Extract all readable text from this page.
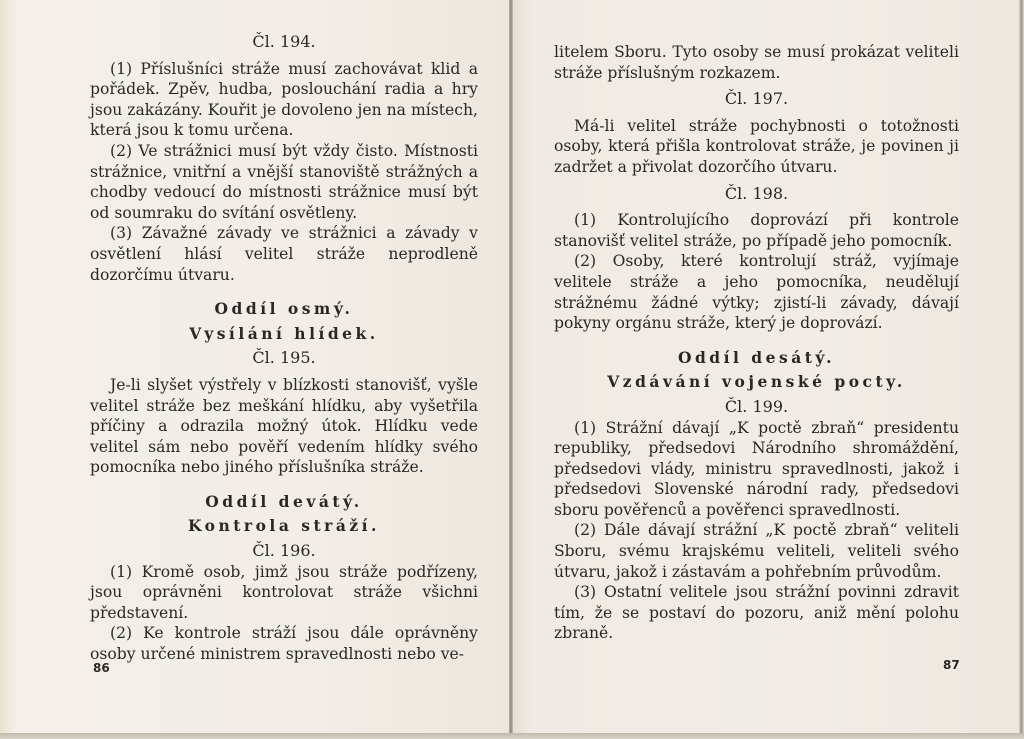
Čl. 194.

(1) Příslušníci stráže musí zachovávat klid a pořádek. Zpěv, hudba, poslouchání radia a hry jsou zakázány. Kouřit je dovoleno jen na místech, která jsou k tomu určena.

(2) Ve strážnici musí být vždy čisto. Místnosti strážnice, vnitřní a vnější stanoviště strážných a chodby vedoucí do místnosti strážnice musí být od soumraku do svítání osvětleny.

(3) Závažné závady ve strážnici a závady v osvětlení hlásí velitel stráže neprodleně dozorčímu útvaru.

Oddíl osmý.

Vysílání hlídek.

Čl. 195.

Je-li slyšet výstřely v blízkosti stanovišť, vyšle velitel stráže bez meškání hlídku, aby vyšetřila příčiny a odrazila možný útok. Hlídku vede velitel sám nebo pověří vedením hlídky svého pomocníka nebo jiného příslušníka stráže.

Oddíl devátý.

Kontrola stráží.

Čl. 196.

(1) Kromě osob, jimž jsou stráže podřízeny, jsou oprávněni kontrolovat stráže všichni představení.

(2) Ke kontrole stráží jsou dále oprávněny osoby určené ministrem spravedlnosti nebo ve-

86

litelem Sboru. Tyto osoby se musí prokázat veliteli stráže příslušným rozkazem.

Čl. 197.

Má-li velitel stráže pochybnosti o totožnosti osoby, která přišla kontrolovat stráže, je povinen ji zadržet a přivolat dozorčího útvaru.

Čl. 198.

(1) Kontrolujícího doprovází při kontrole stanovišť velitel stráže, po případě jeho pomocník.

(2) Osoby, které kontrolují stráž, vyjímaje velitele stráže a jeho pomocníka, neudělují strážnému žádné výtky; zjistí-li závady, dávají pokyny orgánu stráže, který je doprovází.

Oddíl desátý.

Vzdávání vojenské pocty.

Čl. 199.

(1) Strážní dávají „K poctě zbraň“ presidentu republiky, předsedovi Národního shromáždění, předsedovi vlády, ministru spravedlnosti, jakož i předsedovi Slovenské národní rady, předsedovi sboru pověřenců a pověřenci spravedlnosti.

(2) Dále dávají strážní „K poctě zbraň“ veliteli Sboru, svému krajskému veliteli, veliteli svého útvaru, jakož i zástavám a pohřebním průvodům.

(3) Ostatní velitele jsou strážní povinni zdravit tím, že se postaví do pozoru, aniž mění polohu zbraně.

87
